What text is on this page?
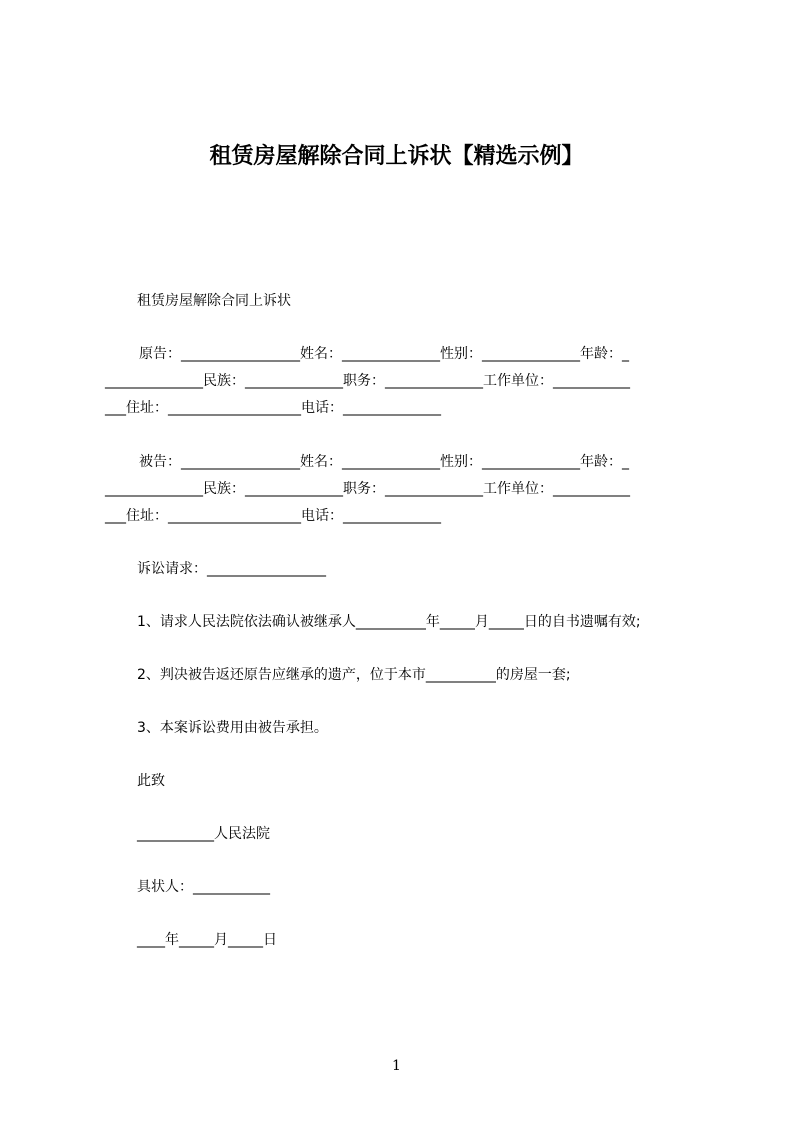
租赁房屋解除合同上诉状【精选示例】

租赁房屋解除合同上诉状

原告：_________________姓名：______________性别：______________年龄：_

______________民族：______________职务：______________工作单位：___________

___住址：___________________电话：______________

被告：_________________姓名：______________性别：______________年龄：_

______________民族：______________职务：______________工作单位：___________

___住址：___________________电话：______________

诉讼请求：_________________

1、请求人民法院依法确认被继承人__________年_____月_____日的自书遗嘱有效;

2、判决被告返还原告应继承的遗产，位于本市__________的房屋一套;

3、本案诉讼费用由被告承担。

此致

___________人民法院

具状人：___________

____年_____月_____日

1
